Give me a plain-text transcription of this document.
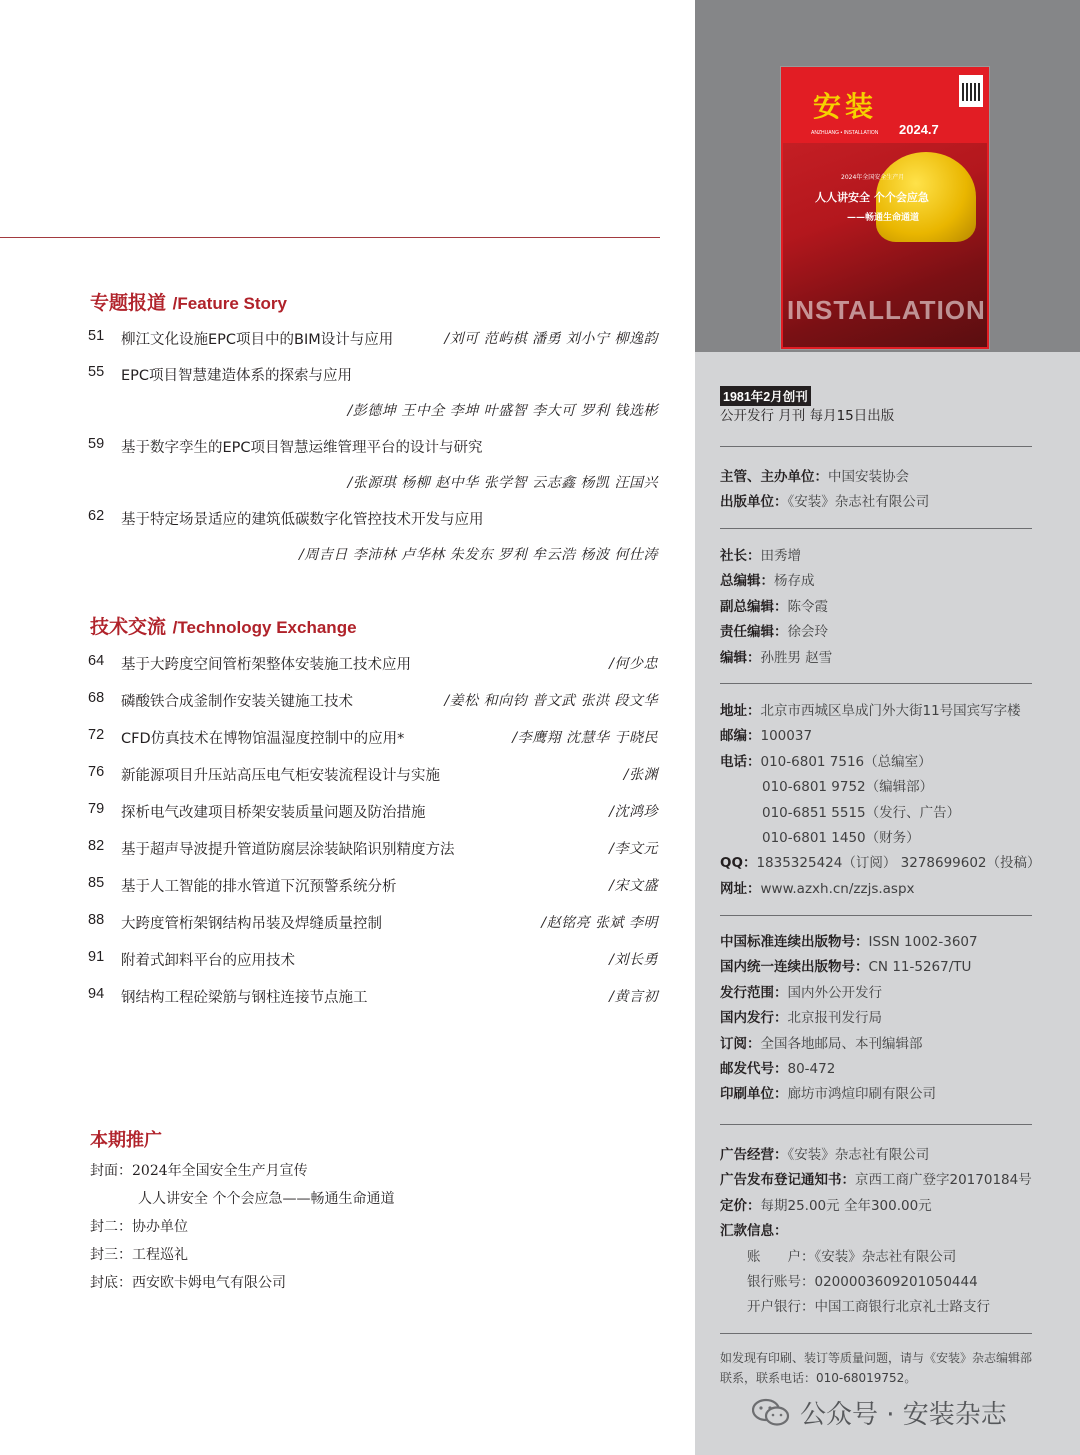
专题报道 /Feature Story
51	柳江文化设施EPC项目中的BIM设计与应用	/刘可 范屿棋 潘勇 刘小宁 柳逸韵
55	EPC项目智慧建造体系的探索与应用
/彭德坤 王中全 李坤 叶盛智 李大可 罗利 钱选彬
59	基于数字孪生的EPC项目智慧运维管理平台的设计与研究
/张源琪 杨柳 赵中华 张学智 云志鑫 杨凯 汪国兴
62	基于特定场景适应的建筑低碳数字化管控技术开发与应用
/周吉日 李沛林 卢华林 朱发东 罗利 牟云浩 杨波 何仕涛
技术交流 /Technology Exchange
64	基于大跨度空间管桁架整体安装施工技术应用	/何少忠
68	磷酸铁合成釜制作安装关键施工技术	/姜松 和向钧 普文武 张洪 段文华
72	CFD仿真技术在博物馆温湿度控制中的应用*	/李鹰翔 沈慧华 于晓民
76	新能源项目升压站高压电气柜安装流程设计与实施	/张渊
79	探析电气改建项目桥架安装质量问题及防治措施	/沈鸿珍
82	基于超声导波提升管道防腐层涂装缺陷识别精度方法	/李文元
85	基于人工智能的排水管道下沉预警系统分析	/宋文盛
88	大跨度管桁架钢结构吊装及焊缝质量控制	/赵铭亮 张斌 李明
91	附着式卸料平台的应用技术	/刘长勇
94	钢结构工程砼梁筋与钢柱连接节点施工	/黄言初
本期推广
封面：2024年全国安全生产月宣传
人人讲安全 个个会应急——畅通生命通道
封二：协办单位
封三：工程巡礼
封底：西安欧卡姆电气有限公司
安装
ANZHUANG • INSTALLATION 2024.7
2024年全国安全生产月
人人讲安全 个个会应急
——畅通生命通道
INSTALLATION
1981年2月创刊
公开发行 月刊 每月15日出版
主管、主办单位：中国安装协会
出版单位：《安装》杂志社有限公司
社长：田秀增
总编辑：杨存成
副总编辑：陈令霞
责任编辑：徐会玲
编辑：孙胜男 赵雪
地址：北京市西城区阜成门外大街11号国宾写字楼
邮编：100037
电话：010-6801 7516（总编室）
010-6801 9752（编辑部）
010-6851 5515（发行、广告）
010-6801 1450（财务）
QQ：1835325424（订阅） 3278699602（投稿）
网址：www.azxh.cn/zzjs.aspx
中国标准连续出版物号：ISSN 1002-3607
国内统一连续出版物号：CN 11-5267/TU
发行范围：国内外公开发行
国内发行：北京报刊发行局
订阅：全国各地邮局、本刊编辑部
邮发代号：80-472
印刷单位：廊坊市鸿煊印刷有限公司
广告经营：《安装》杂志社有限公司
广告发布登记通知书：京西工商广登字20170184号
定价：每期25.00元 全年300.00元
汇款信息：
　　账　　户：《安装》杂志社有限公司
　　银行账号：0200003609201050444
　　开户银行：中国工商银行北京礼士路支行
如发现有印刷、装订等质量问题，请与《安装》杂志编辑部联系，联系电话：010-68019752。
公众号 · 安装杂志
